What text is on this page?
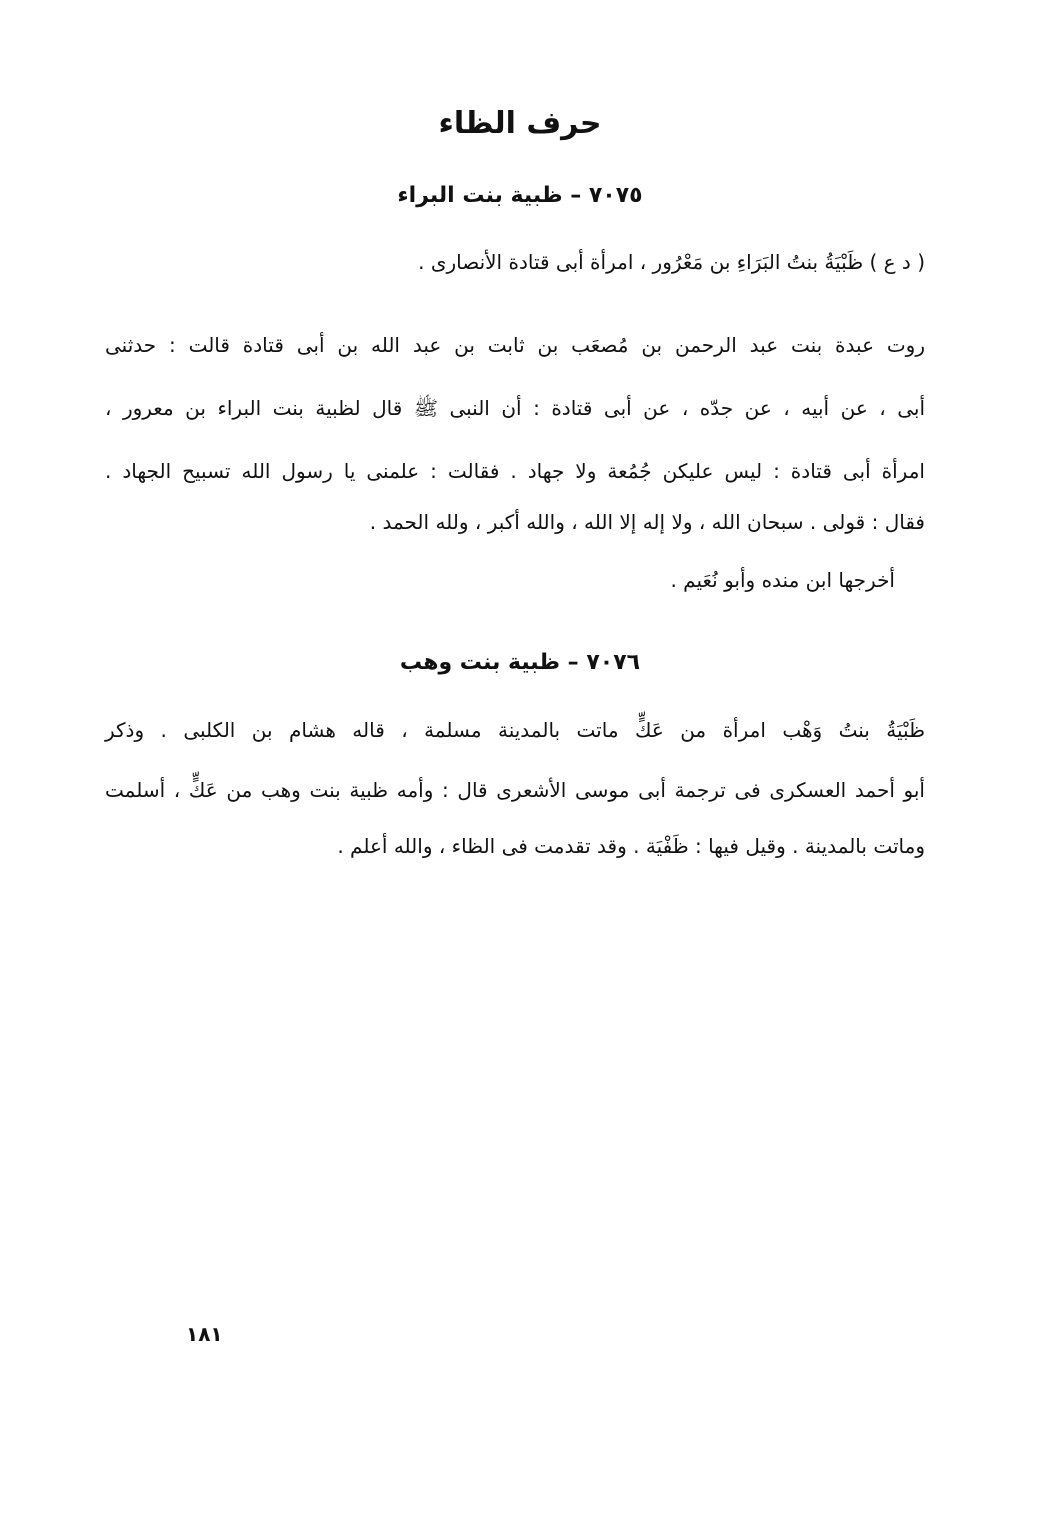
حرف الظاء
٧٠٧٥ – ظبية بنت البراء
( د ع ) ظَبْيَةُ بنتُ البَرَاءِ بن مَعْرُور ، امرأة أبى قتادة الأنصارى .
روت عبدة بنت عبد الرحمن بن مُصعَب بن ثابت بن عبد الله بن أبى قتادة قالت : حدثنى
أبى ، عن أبيه ، عن جدّه ، عن أبى قتادة : أن النبى ﷺ قال لظبية بنت البراء بن معرور ،
امرأة أبى قتادة : ليس عليكن جُمُعة ولا جهاد . فقالت : علمنى يا رسول الله تسبيح الجهاد .
فقال : قولى . سبحان الله ، ولا إله إلا الله ، والله أكبر ، ولله الحمد .
أخرجها ابن منده وأبو نُعَيم .
٧٠٧٦ – ظبية بنت وهب
ظَبْيَةُ بنتُ وَهْب امرأة من عَكٍّ ماتت بالمدينة مسلمة ، قاله هشام بن الكلبى . وذكر
أبو أحمد العسكرى فى ترجمة أبى موسى الأشعرى قال : وأمه ظبية بنت وهب من عَكٍّ ، أسلمت
وماتت بالمدينة . وقيل فيها : ظَفْيَة . وقد تقدمت فى الظاء ، والله أعلم .
١٨١
